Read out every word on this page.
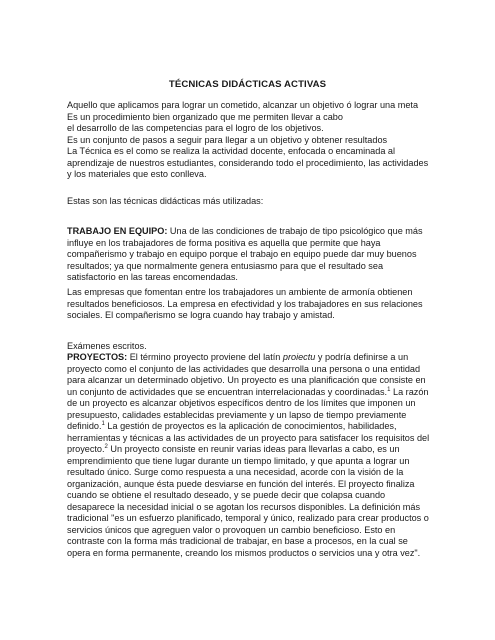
TÉCNICAS DIDÁCTICAS ACTIVAS
Aquello que aplicamos para lograr un cometido, alcanzar un objetivo ó lograr una meta
Es un procedimiento bien organizado que me permiten llevar a cabo
el desarrollo de las competencias para el logro de los objetivos.
Es un conjunto de pasos a seguir para llegar a un objetivo y obtener resultados
La Técnica es el como se realiza la actividad docente, enfocada o encaminada al
aprendizaje de nuestros estudiantes, considerando todo el procedimiento, las actividades
y los materiales que esto conlleva.
Estas son las técnicas didácticas más utilizadas:
TRABAJO EN EQUIPO: Una de las condiciones de trabajo de tipo psicológico que más
influye en los trabajadores de forma positiva es aquella que permite que haya
compañerismo y trabajo en equipo porque el trabajo en equipo puede dar muy buenos
resultados; ya que normalmente genera entusiasmo para que el resultado sea
satisfactorio en las tareas encomendadas.
Las empresas que fomentan entre los trabajadores un ambiente de armonía obtienen
resultados beneficiosos. La empresa en efectividad y los trabajadores en sus relaciones
sociales. El compañerismo se logra cuando hay trabajo y amistad.
Exámenes escritos.
PROYECTOS: El término proyecto proviene del latín proiectu y podría definirse a un
proyecto como el conjunto de las actividades que desarrolla una persona o una entidad
para alcanzar un determinado objetivo. Un proyecto es una planificación que consiste en
un conjunto de actividades que se encuentran interrelacionadas y coordinadas.$^1$ La razón
de un proyecto es alcanzar objetivos específicos dentro de los límites que imponen un
presupuesto, calidades establecidas previamente y un lapso de tiempo previamente
definido.$^1$ La gestión de proyectos es la aplicación de conocimientos, habilidades,
herramientas y técnicas a las actividades de un proyecto para satisfacer los requisitos del
proyecto.$^2$ Un proyecto consiste en reunir varias ideas para llevarlas a cabo, es un
emprendimiento que tiene lugar durante un tiempo limitado, y que apunta a lograr un
resultado único. Surge como respuesta a una necesidad, acorde con la visión de la
organización, aunque ésta puede desviarse en función del interés. El proyecto finaliza
cuando se obtiene el resultado deseado, y se puede decir que colapsa cuando
desaparece la necesidad inicial o se agotan los recursos disponibles. La definición más
tradicional "es un esfuerzo planificado, temporal y único, realizado para crear productos o
servicios únicos que agreguen valor o provoquen un cambio beneficioso. Esto en
contraste con la forma más tradicional de trabajar, en base a procesos, en la cual se
opera en forma permanente, creando los mismos productos o servicios una y otra vez".
